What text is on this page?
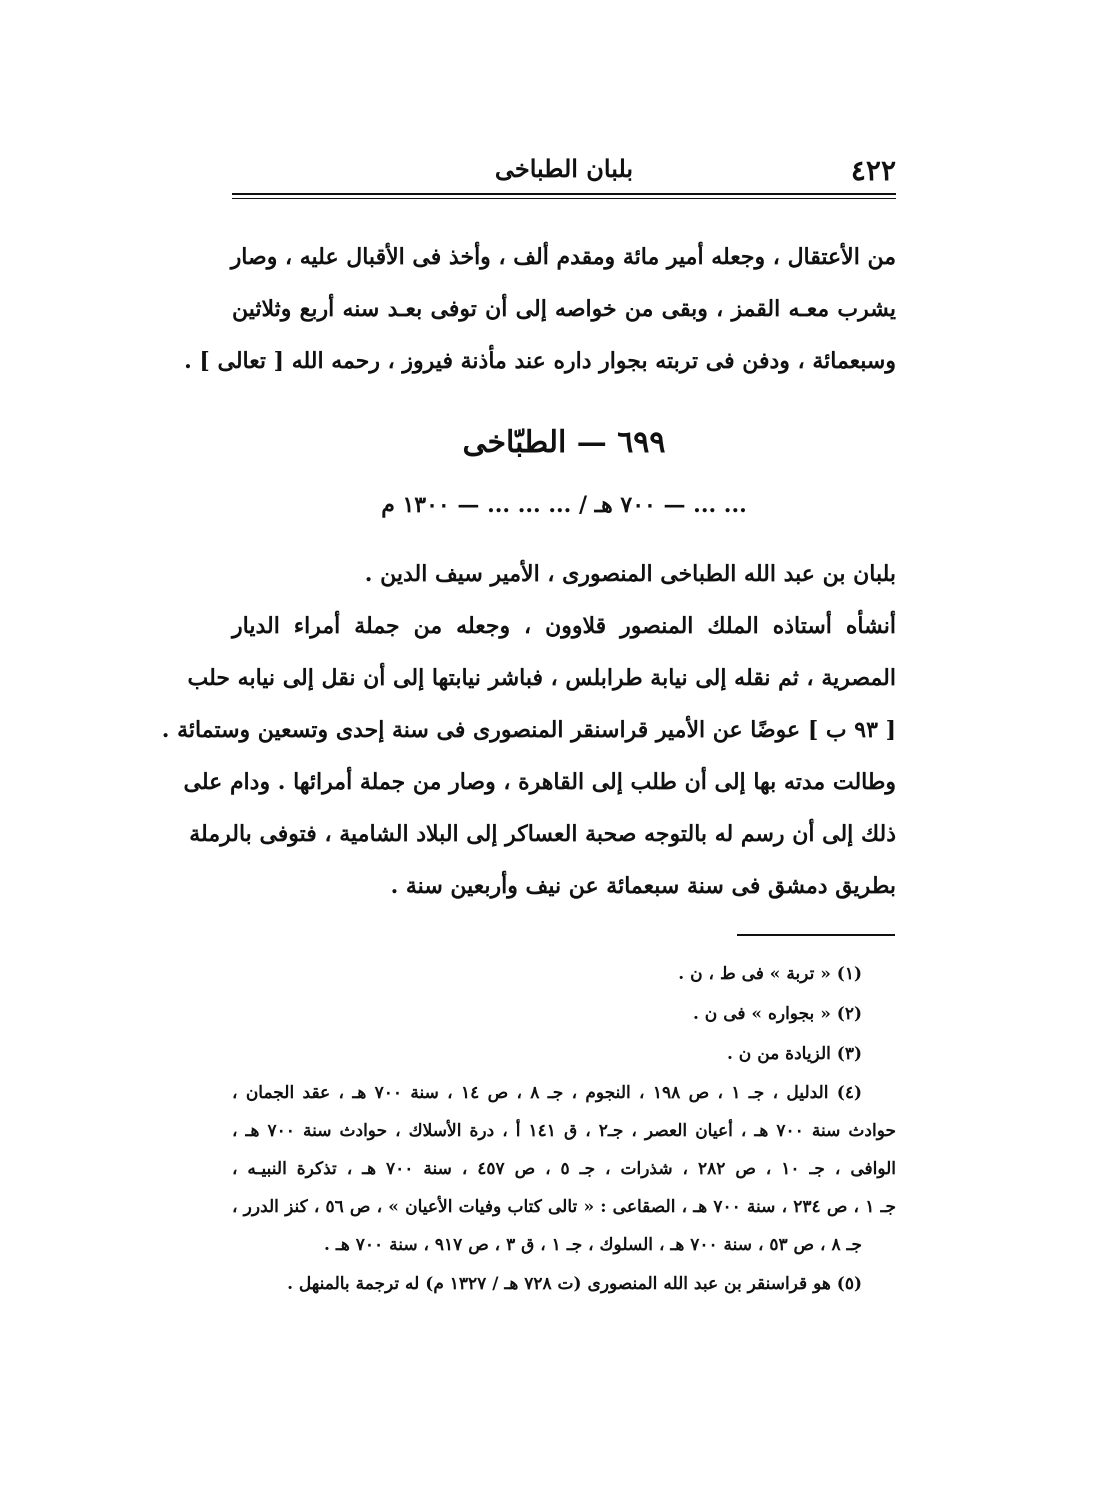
٤٢٢
بلبان الطباخى
من الأعتقال ، وجعله أمير مائة ومقدم ألف ، وأخذ فى الأقبال عليه ، وصار
يشرب معـه القمز ، وبقى من خواصه إلى أن توفى بعـد سنه أربع وثلاثين
وسبعمائة ، ودفن فى تربته بجوار داره عند مأذنة فيروز ، رحمه الله [ تعالى ] .
٦٩٩ — الطبّاخى
... ... — ٧٠٠ هـ / ... ... ... — ١٣٠٠ م
بلبان بن عبد الله الطباخى المنصورى ، الأمير سيف الدين .
أنشأه أستاذه الملك المنصور قلاوون ، وجعله من جملة أمراء الديار
المصرية ، ثم نقله إلى نيابة طرابلس ، فباشر نيابتها إلى أن نقل إلى نيابه حلب
[ ٩٣ ب ] عوضًا عن الأمير قراسنقر المنصورى فى سنة إحدى وتسعين وستمائة .
وطالت مدته بها إلى أن طلب إلى القاهرة ، وصار من جملة أمرائها . ودام على
ذلك إلى أن رسم له بالتوجه صحبة العساكر إلى البلاد الشامية ، فتوفى بالرملة
بطريق دمشق فى سنة سبعمائة عن نيف وأربعين سنة .
(١) « تربة » فى ط ، ن .
(٢) « بجواره » فى ن .
(٣) الزيادة من ن .
(٤) الدليل ، جـ ١ ، ص ١٩٨ ، النجوم ، جـ ٨ ، ص ١٤ ، سنة ٧٠٠ هـ ، عقد الجمان ،
حوادث سنة ٧٠٠ هـ ، أعيان العصر ، جـ٢ ، ق ١٤١ أ ، درة الأسلاك ، حوادث سنة ٧٠٠ هـ ،
الوافى ، جـ ١٠ ، ص ٢٨٢ ، شذرات ، جـ ٥ ، ص ٤٥٧ ، سنة ٧٠٠ هـ ، تذكرة النبيـه ،
جـ ١ ، ص ٢٣٤ ، سنة ٧٠٠ هـ ، الصقاعى : « تالى كتاب وفيات الأعيان » ، ص ٥٦ ، كنز الدرر ،
جـ ٨ ، ص ٥٣ ، سنة ٧٠٠ هـ ، السلوك ، جـ ١ ، ق ٣ ، ص ٩١٧ ، سنة ٧٠٠ هـ .
(٥) هو قراسنقر بن عبد الله المنصورى (ت ٧٢٨ هـ / ١٣٢٧ م) له ترجمة بالمنهل .
